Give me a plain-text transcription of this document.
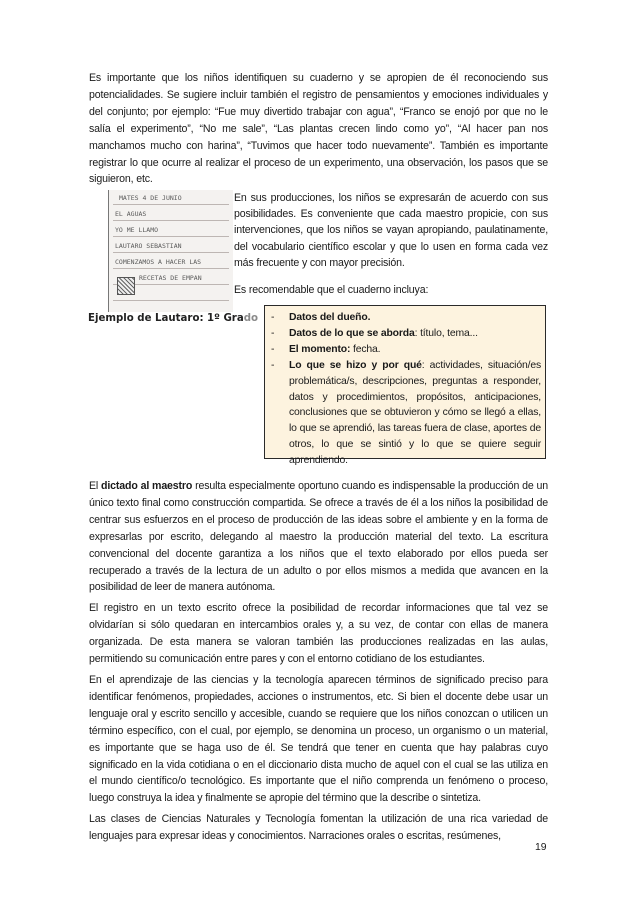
Es importante que los niños identifiquen su cuaderno y se apropien de él reconociendo sus potencialidades. Se sugiere incluir también el registro de pensamientos y emociones individuales y del conjunto; por ejemplo: “Fue muy divertido trabajar con agua”, “Franco se enojó por que no le salía el experimento”, “No me sale”, “Las plantas crecen lindo como yo”, “Al hacer pan nos manchamos mucho con harina”, “Tuvimos que hacer todo nuevamente”. También es importante registrar lo que ocurre al realizar el proceso de un experimento, una observación, los pasos que se siguieron, etc.

MATES 4 DE JUNIO
EL AGUAS
YO ME LLAMO
LAUTARO SEBASTIAN
COMENZAMOS A HACER LAS
RECETAS DE EMPAN
Ejemplo de Lautaro: 1º Grado

En sus producciones, los niños se expresarán de acuerdo con sus posibilidades. Es conveniente que cada maestro propicie, con sus intervenciones, que los niños se vayan apropiando, paulatinamente, del vocabulario científico escolar y que lo usen en forma cada vez más frecuente y con mayor precisión.

Es recomendable que el cuaderno incluya:

- Datos del dueño.
- Datos de lo que se aborda: título, tema...
- El momento: fecha.
- Lo que se hizo y por qué: actividades, situación/es problemática/s, descripciones, preguntas a responder, datos y procedimientos, propósitos, anticipaciones, conclusiones que se obtuvieron y cómo se llegó a ellas, lo que se aprendió, las tareas fuera de clase, aportes de otros, lo que se sintió y lo que se quiere seguir aprendiendo.

El dictado al maestro resulta especialmente oportuno cuando es indispensable la producción de un único texto final como construcción compartida. Se ofrece a través de él a los niños la posibilidad de centrar sus esfuerzos en el proceso de producción de las ideas sobre el ambiente y en la forma de expresarlas por escrito, delegando al maestro la producción material del texto. La escritura convencional del docente garantiza a los niños que el texto elaborado por ellos pueda ser recuperado a través de la lectura de un adulto o por ellos mismos a medida que avancen en la posibilidad de leer de manera autónoma.

El registro en un texto escrito ofrece la posibilidad de recordar informaciones que tal vez se olvidarían si sólo quedaran en intercambios orales y, a su vez, de contar con ellas de manera organizada. De esta manera se valoran también las producciones realizadas en las aulas, permitiendo su comunicación entre pares y con el entorno cotidiano de los estudiantes.

En el aprendizaje de las ciencias y la tecnología aparecen términos de significado preciso para identificar fenómenos, propiedades, acciones o instrumentos, etc. Si bien el docente debe usar un lenguaje oral y escrito sencillo y accesible, cuando se requiere que los niños conozcan o utilicen un término específico, con el cual, por ejemplo, se denomina un proceso, un organismo o un material, es importante que se haga uso de él. Se tendrá que tener en cuenta que hay palabras cuyo significado en la vida cotidiana o en el diccionario dista mucho de aquel con el cual se las utiliza en el mundo científico/o tecnológico. Es importante que el niño comprenda un fenómeno o proceso, luego construya la idea y finalmente se apropie del término que la describe o sintetiza.

Las clases de Ciencias Naturales y Tecnología fomentan la utilización de una rica variedad de lenguajes para expresar ideas y conocimientos. Narraciones orales o escritas, resúmenes,

19
